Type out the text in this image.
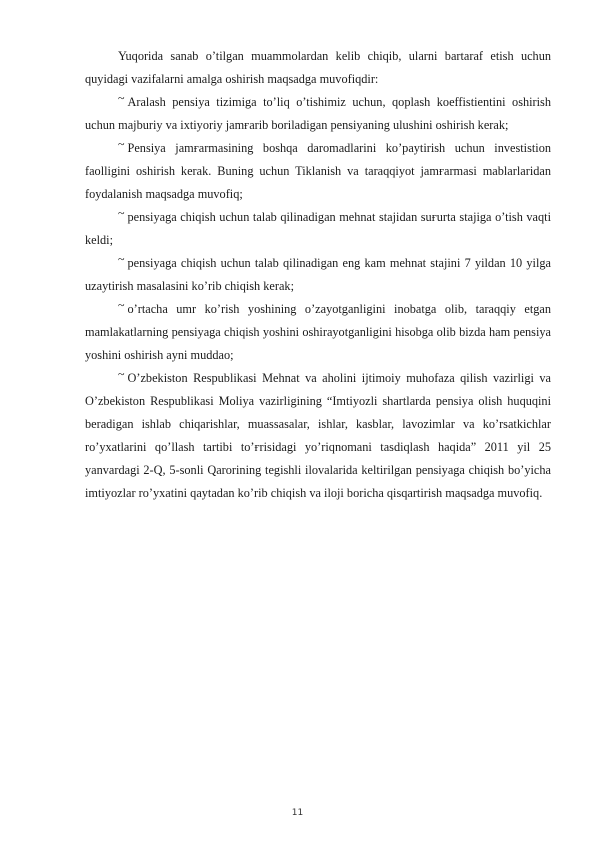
Yuqorida sanab o’tilgan muammolardan kelib chiqib, ularni bartaraf etish uchun quyidagi vazifalarni amalga oshirish maqsadga muvofiqdir:

~ Aralash pensiya tizimiga to’liq o’tishimiz uchun, qoplash koeffistientini oshirish uchun majburiy va ixtiyoriy jamғarib boriladigan pensiyaning ulushini oshirish kerak;

~ Pensiya jamғarmasining boshqa daromadlarini ko’paytirish uchun investistion faolligini oshirish kerak. Buning uchun Tiklanish va taraqqiyot jamғarmasi mablarlaridan foydalanish maqsadga muvofiq;

~ pensiyaga chiqish uchun talab qilinadigan mehnat stajidan suғurta stajiga o’tish vaqti keldi;

~ pensiyaga chiqish uchun talab qilinadigan eng kam mehnat stajini 7 yildan 10 yilga uzaytirish masalasini ko’rib chiqish kerak;

~ o’rtacha umr ko’rish yoshining o’zayotganligini inobatga olib, taraqqiy etgan mamlakatlarning pensiyaga chiqish yoshini oshirayotganligini hisobga olib bizda ham pensiya yoshini oshirish ayni muddao;

~ O’zbekiston Respublikasi Mehnat va aholini ijtimoiy muhofaza qilish vazirligi va O’zbekiston Respublikasi Moliya vazirligining “Imtiyozli shartlarda pensiya olish huquqini beradigan ishlab chiqarishlar, muassasalar, ishlar, kasblar, lavozimlar va ko’rsatkichlar ro’yxatlarini qo’llash tartibi to’ғrisidagi yo’riqnomani tasdiqlash haqida” 2011 yil 25 yanvardagi 2-Q, 5-sonli Qarorining tegishli ilovalarida keltirilgan pensiyaga chiqish bo’yicha imtiyozlar ro’yxatini qaytadan ko’rib chiqish va iloji boricha qisqartirish maqsadga muvofiq.

11
